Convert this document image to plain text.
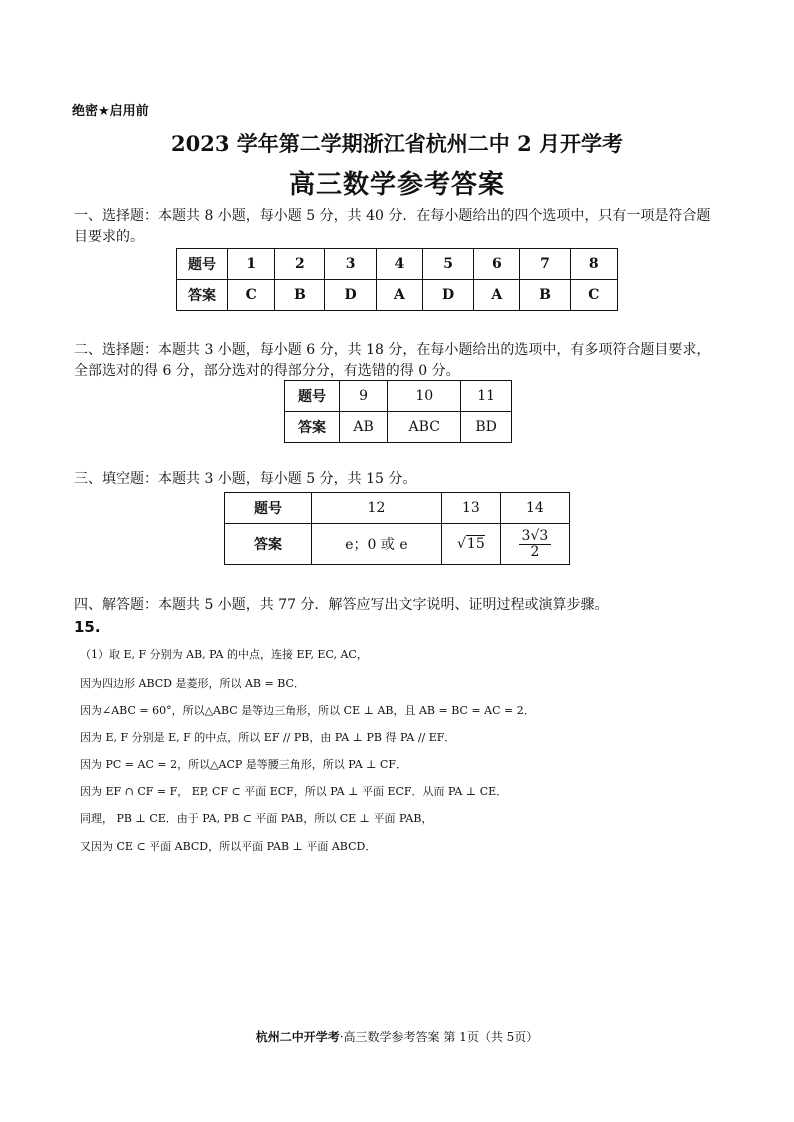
绝密★启用前
2023 学年第二学期浙江省杭州二中 2 月开学考
高三数学参考答案
一、选择题：本题共 8 小题，每小题 5 分，共 40 分．在每小题给出的四个选项中，只有一项是符合题目要求的。
题号	1	2	3	4	5	6	7	8
答案	C	B	D	A	D	A	B	C
二、选择题：本题共 3 小题，每小题 6 分，共 18 分，在每小题给出的选项中，有多项符合题目要求，全部选对的得 6 分，部分选对的得部分分，有选错的得 0 分。
题号	9	10	11
答案	AB	ABC	BD
三、填空题：本题共 3 小题，每小题 5 分，共 15 分。
题号	12	13	14
答案	e；0 或 e	√15	$\frac{3√3}{2}$
四、解答题：本题共 5 小题，共 77 分．解答应写出文字说明、证明过程或演算步骤。
15.
（1）取 E, F 分别为 AB, PA 的中点，连接 EF, EC, AC，
因为四边形 ABCD 是菱形，所以 AB = BC．
因为∠ABC = 60°，所以△ABC 是等边三角形，所以 CE ⊥ AB，且 AB = BC = AC = 2．
因为 E, F 分别是 E, F 的中点，所以 EF // PB，由 PA ⊥ PB 得 PA // EF．
因为 PC = AC = 2，所以△ACP 是等腰三角形，所以 PA ⊥ CF．
因为 EF ∩ CF = F， EP, CF ⊂ 平面 ECF，所以 PA ⊥ 平面 ECF．从而 PA ⊥ CE．
同理， PB ⊥ CE．由于 PA, PB ⊂ 平面 PAB，所以 CE ⊥ 平面 PAB，
又因为 CE ⊂ 平面 ABCD，所以平面 PAB ⊥ 平面 ABCD．
杭州二中开学考·高三数学参考答案 第 1页（共 5页）
